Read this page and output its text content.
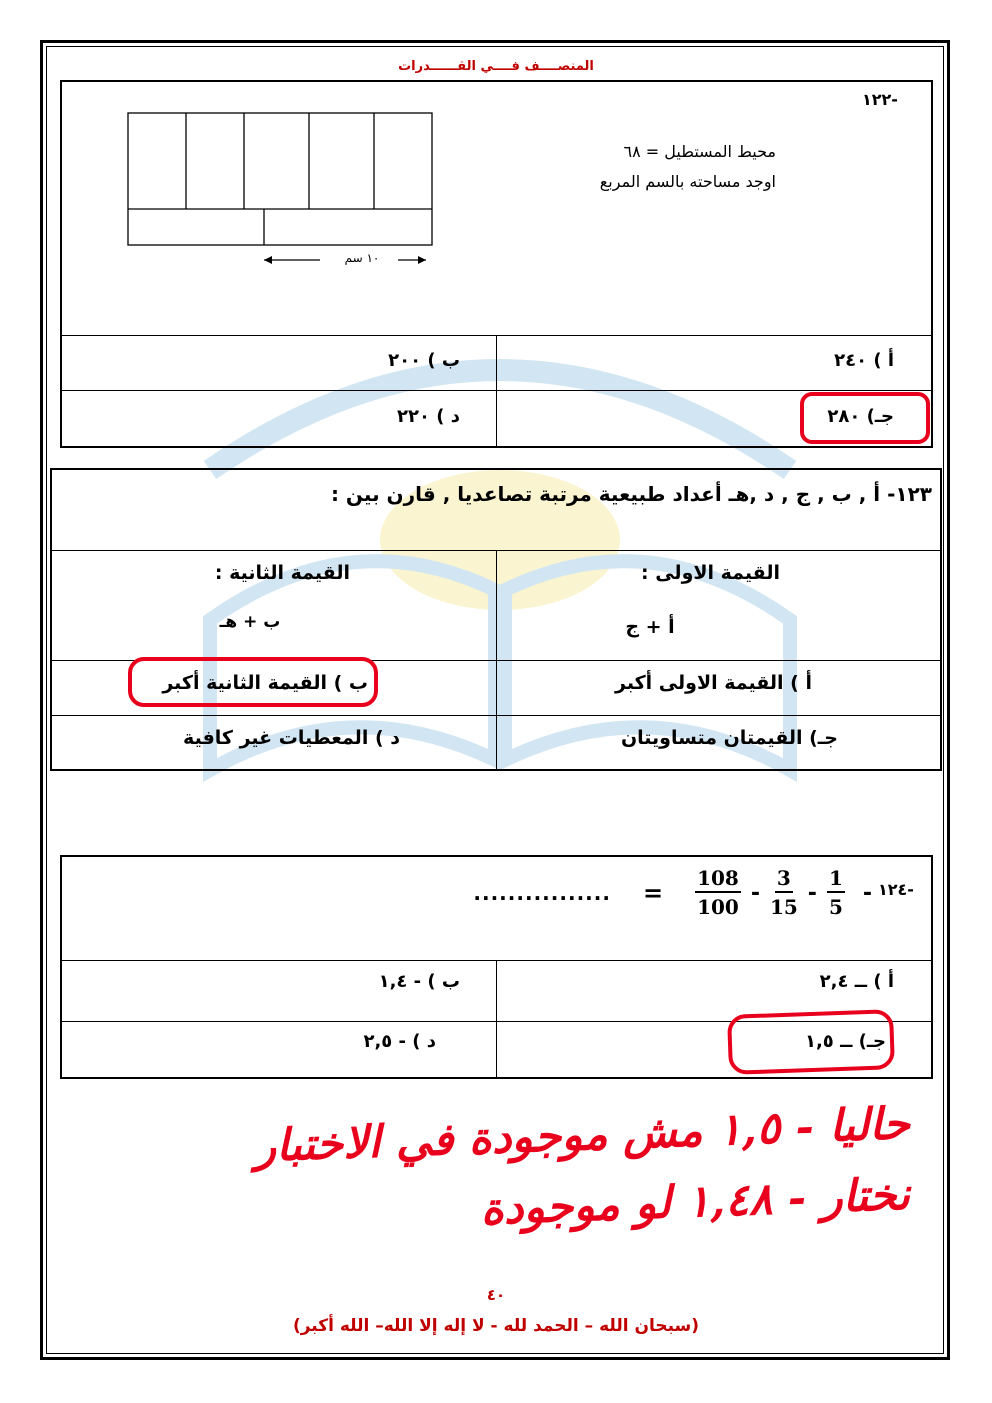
المنصــــف فــــي القــــــدرات
١٢٢-
١٠ سم
محيط المستطيل = ٦٨
اوجد مساحته بالسم المربع
أ ) ٢٤٠
ب ) ٢٠٠
جـ) ٢٨٠
د ) ٢٢٠
١٢٣- أ , ب , ج , د ,هـ أعداد طبيعية مرتبة تصاعديا , قارن بين :
القيمة الاولى :
أ + ج
القيمة الثانية :
ب + هـ
أ ) القيمة الاولى أكبر
ب ) القيمة الثانية أكبر
جـ) القيمتان متساويتان
د ) المعطيات غير كافية
١٢٤-
................ = $\frac{108}{100} - \frac{3}{15} - \frac{1}{5}$ -
أ ) ــ ٢,٤
ب ) - ١,٤
جـ) ــ ١,٥
د ) - ٢,٥
حاليا - ١,٥ مش موجودة في الاختبار
نختار - ١,٤٨ لو موجودة
٤٠
(سبحان الله – الحمد لله - لا إله إلا الله– الله أكبر)
